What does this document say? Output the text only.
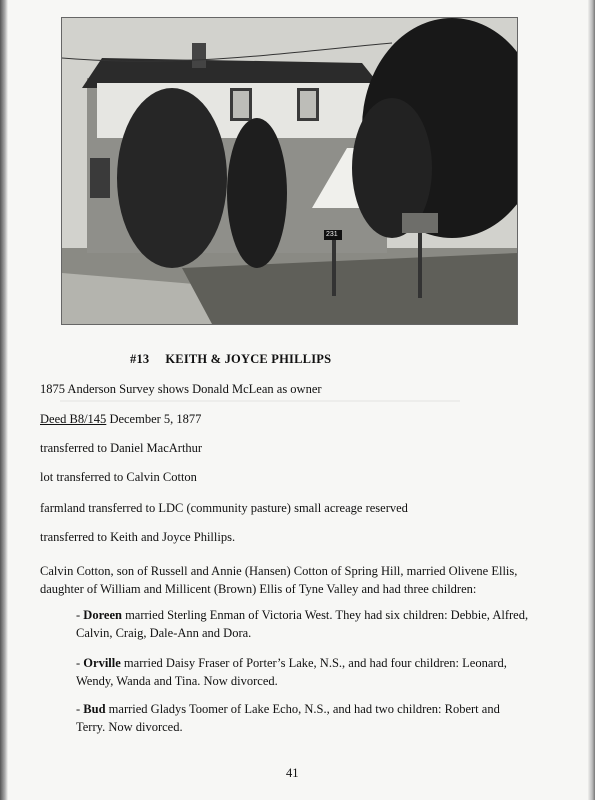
231
#13 KEITH & JOYCE PHILLIPS
1875 Anderson Survey shows Donald McLean as owner
Deed B8/145 December 5, 1877
transferred to Daniel MacArthur
lot transferred to Calvin Cotton
farmland transferred to LDC (community pasture) small acreage reserved
transferred to Keith and Joyce Phillips.
Calvin Cotton, son of Russell and Annie (Hansen) Cotton of Spring Hill, married Olivene Ellis, daughter of William and Millicent (Brown) Ellis of Tyne Valley and had three children:
- Doreen married Sterling Enman of Victoria West. They had six children: Debbie, Alfred, Calvin, Craig, Dale-Ann and Dora.
- Orville married Daisy Fraser of Porter’s Lake, N.S., and had four children: Leonard, Wendy, Wanda and Tina. Now divorced.
- Bud married Gladys Toomer of Lake Echo, N.S., and had two children: Robert and Terry. Now divorced.
41
